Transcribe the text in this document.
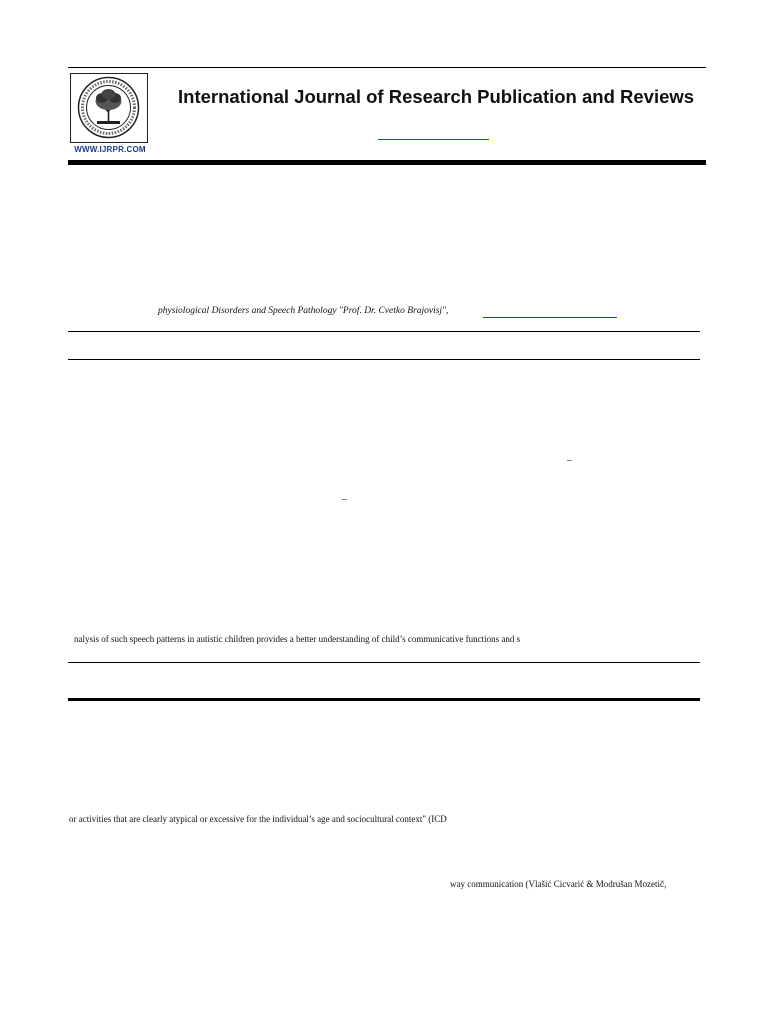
WWW.IJRPR.COM
International Journal of Research Publication and Reviews
physiological Disorders and Speech Pathology "Prof. Dr. Cvetko Brajovisj",
–
–
nalysis of such speech patterns in autistic children provides a better understanding of child’s communicative functions and s
or activities that are clearly atypical or excessive for the individual’s age and sociocultural context" (ICD
way communication (Vlašić Cicvarić & Modrušan Mozetič,
